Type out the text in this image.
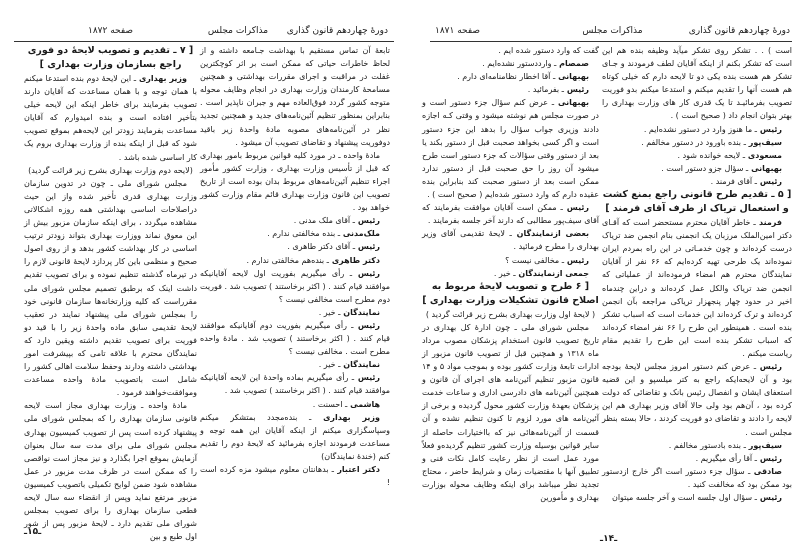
دورهٔ چهاردهم قانون گذاری
مذاکرات مجلس
صفحه ۱۸۷۲

تابعهٔ آن تماس مستقیم با بهداشت جـامعه داشته و از لحاظ خاطرات حیاتی که ممکن است بر اثر کوچکترین غفلت در مراقبت و اجرای مقررات بهداشتی و همچنین مسامحهٔ کارمندان وزارت بهداری در انجام وظایف محوله متوجه کشور گردد فوق‌العاده مهم و جبران ناپذیر است . بنابراین بمنظور تنظیم آئین‌نامه‌های جدید و همچنین تجدید نظر در آئین‌نامه‌های مصوبه مادهٔ واحدهٔ زیر باقید دوفوریت پیشنهاد و تقاضای تصویب آن میشود .

مادهٔ واحده ـ در مورد کلیه قوانین مربوط بامور بهداری که قبل از تأسیس وزارت بهداری ، وزارت کشور مأمور اجراء تنظیم آئین‌نامه‌های مربوط بدان بوده است از تاریخ تصویب این قانون وزارت بهداری قائم مقام وزارت کشور خواهد بود .

رئیس ـ آقای ملک مدنی .

ملک‌مدنی ـ بنده مخالفتی ندارم .

رئیس ـ آقای دکتر طاهری .

دکتر طاهری ـ بنده‌هم مخالفتی ندارم .

رئیس ـ رأی میگیریم بفوریت اول لایحه آقایانیکه موافقند قیام کنند . ( اکثر برخاستند ) تصویب شد . فوریت دوم مطرح است مخالفی نیست ؟

نمایندگان ـ خیر .

رئیس ـ رأی میگیریم بفوریت دوم آقایانیکه موافقند قیام کنند . ( اکثر برخاستند ) تصویب شد . مادهٔ واحده مطرح است . مخالفی نیست ؟

نمایندگان ـ خیر .

رئیس ـ رأی میگیریم بماده واحدهٔ این لایحه آقایانیکه موافقند قیام کنند . ( اکثر برخاستند ) تصویب شد .

هاشمی ـ احسنت .

وزیر بهداری ـ بنده‌مجدد بمتشکر میکنم وسپاسگزاری میکنم از اینکه آقایان این همه توجه و مساعدت فرمودند اجازه بفرمائید که لایحهٔ دوم را تقدیم کنم (خندهٔ نمایندگان)

دکتر اعتبار ـ بدهانتان معلوم میشود مزه کرده است !

[ ۷ ـ تقدیم و تصویب لایحهٔ دو فوری راجع بسازمان وزارت بهداری ]

وزیر بهداری ـ این لایحهٔ دوم بنده استدعا میکنم با همان توجه و با همان مساعدت که آقایان دارند تصویب بفرمایند برای خاطر اینکه این لایحه خیلی بتأخیر افتاده است و بنده امیدوارم که آقایان مساعدت بفرمایند زودتر این لایحه‌هم بموقع تصویب شود که قبل از اینکه بنده از وزارت بهداری بروم یک کار اساسی شده باشد .

(لایحه دوم وزارت بهداری بشرح زیر قرائت گردید)

مجلس شورای ملی ـ چون در تدوین سازمان وزارت بهداری قدری تأخیر شده واز این حیث دراصلاحات اساسی بهداشتی همه روزه اشکالاتی مشاهده میگردد ، برای اینکه سازمان مزبور بیش از این معوق نماند ووزارت بهداری بتواند زودتر ترتیب اساسی در کار بهداشت کشور بدهد و از روی اصول صحیح و منظمی باین کار پردازد لایحهٔ قانونی لازم را در تیرماه گذشته تنظیم نموده و برای تصویب تقدیم داشت اینک که برطبق تصمیم مجلس شورای ملی مقرراست که کلیه وزارتخانه‌ها سازمان قانونی خود را بمجلس شورای ملی پیشنهاد نمایند در تعقیب لایحهٔ تقدیمی سابق ماده واحدهٔ زیر را با قید دو فوریت برای تصویب تقدیم داشته ویقین دارد که نمایندگان محترم با علاقه تامی که بپیشرفت امور بهداشتی داشته ودارند وحفظ سلامت اهالی کشور را شامل است باتصویب مادهٔ واحده مساعدت وموافقت‌خواهند فرمود .

مادهٔ واحده ـ وزارت بهداری مجاز است لایحه قانونی سازمان بهداری را که بمجلس شورای ملی پیشنهاد کرده است پس از تصویب کمیسیون بهداری مجلس شورای ملی برای مدت سه سال بعنوان آزمایش بموقع اجرا بگذارد و نیز مجاز است نواقصی را که ممکن است در ظرف مدت مزبور در عمل مشاهده شود ضمن لوایح تکمیلی باتصویب کمیسیون مزبور مرتفع نماید وپس از انقضاء سه سال لایحه قطعی سازمان بهداری را برای تصویب بمجلس شورای ملی تقدیم دارد ـ لایحهٔ مزبور پس از شور اول طبع و بین

ـ۱۵ـ
دورهٔ چهاردهم قانون گذاری
مذاکرات مجلس
صفحه ۱۸۷۱

است ) . . تشکر روی تشکر میآید وظیفه بنده هم این است که تشکر بکنم از اینکه آقایان لطف فرمودند و جـای تشکر هم هست بنده یکی دو تا لایحه دارم که خیلی کوتاه هم هست آنها را تقدیم میکنم و استدعا میکنم بدو فوریت تصویب بفرمائیـد تا یک قدری کار های وزارت بهداری را بهتر بتوان انجام داد ( صحیح است ) .

رئیس ـ ما هنوز وارد در دستور نشده‌ایم .

سیف‌پور ـ بنده باورود در دستور مخالفم .

مسعودی ـ لایحه خوانده شود .

بهبهانی ـ سؤال جزو دستور است .

رئیس ـ آقای فرمند .

[ ۵ ـ تقدیم طرح قانونی راجع بمنع کشت و استعمال تریاک از طرف آقای فرمند ]

فرمند ـ خاطر آقایان محترم مستحضر است که آقـای دکتر امین‌الملک مرزبان یک انجمنی بنام انجمن ضد تریاک درست کرده‌اند و چون خدمـاتی در این راه بمردم ایران نموده‌اند یک طرحی تهیه کرده‌ایم که ۶۶ نفر از آقایان نمایندگان محترم هم امضاء فرموده‌اند از عملیاتی که انجمن ضد تریاک والکل عمل کرده‌اند و دراین چندماه اخیر در حدود چهار پنجهزار تریاکی مراجعه بآن انجمن کرده‌اند و ترک کرده‌اند این خدمات است که اسباب تشکر بنده است . همینطور این طرح را ۶۶ نفر امضاء کرده‌اند که اسباب تشکر بنده است این طرح را تقدیم مقام ریاست میکنم .

رئیس ـ عرض کنم دستور امروز مجلس لایحهٔ بودجه بود و آن لایحه‌ایکه راجع به کتر میلسپو و این قضیه استعفای ایشان و انفصال رئیس بانک و تقاضائی که دولت کرده بود ، آن‌هم بود ولی حالا آقای وزیر بهداری هم این لایحه را دادند و تقاضای دو فوریت کردند ، حالا بسته بنظر مجلس است .

سیف‌پور ـ بنده بادستور مخالفم .

رئیس ـ آقا رأی میگیریم .

صادقی ـ سؤال جزء دستور است اگر خارج ازدستور بود ممکن بود که مخالفت کنید .

رئیس ـ سؤال اول جلسه است و آخر جلسه میتوان

گفت که وارد دستور شده ایم .

صمصام ـ وارددستور نشده‌ایم .

بهبهانی ـ آقا اخطار نظامنامه‌ای دارم .

رئیس ـ بفرمائید .

بهبهانی ـ عرض کنم سؤال جزء دستور است و در صورت مجلس هم نوشته میشود و وقتی کـه اجازه دادند وزیری جواب سؤال را بدهد این جزء دستور است و اگر کسی بخواهد صحبت قبل از دستور بکند یا بعد از دستور وقتی سؤالات که جزء دستور است طرح میشود آن روز را حق صحبت قبل از دستور ندارد ممکن است بعد از دستور صحبت کند بنابراین بنده عقیده دارم که وارد دستور شده‌ایم ( صحیح است ) .

رئیس ـ ممکن است آقایان موافقت بفرمایند که آقای سیف‌پور مطالبی که دارند آخر جلسه بفرمایند .

بعضی ازنمایندگان ـ لایحهٔ تقدیمی آقای وزیر بهداری را مطرح فرمائید .

رئیس ـ مخالفی نیست ؟

جمعی ازنمایندگان ـ خیر .

[ ۶ طرح و تصویب لایحهٔ مربوط به اصلاح قانون تشکیلات وزارت بهداری ]

( لایحهٔ اول وزارت بهداری بشرح زیر قرائت گردید )

مجلس شورای ملی ـ چون ادارهٔ کل بهداری در تاریخ تصویب قانون استخدام پزشکان مصوب مرداد ماه ۱۳۱۸ و همچنین قبل از تصویب قانون مزبور از ادارات تابعهٔ وزارت کشور بوده و بموجب مواد ۵ و ۱۴ قانون مزبور تنظیم آئین‌نامه های اجرای آن قانون و همچنین آئین‌نامه های دادرسی اداری و ساعات خدمت پزشکان بعهدهٔ وزارت کشور محول گردیده و برخی از آئین‌نامه های مورد لزوم تا کنون تنظیم نشده و آن قسمت از آئین‌نامه‌هائی نیز که بااختیارات حاصله از سایر قوانین بوسیله وزارت کشور تنظیم گردیده‌و فعلاً مورد عمل است از نظر رعایت کامل نکات فنی و تطبیق آنها با مقتضیات زمان و شرایط حاضر ، محتاج تجدید نظر میباشد برای اینکه وظایف محوله بوزارت بهداری و مأمورین

ـ۱۴ـ
